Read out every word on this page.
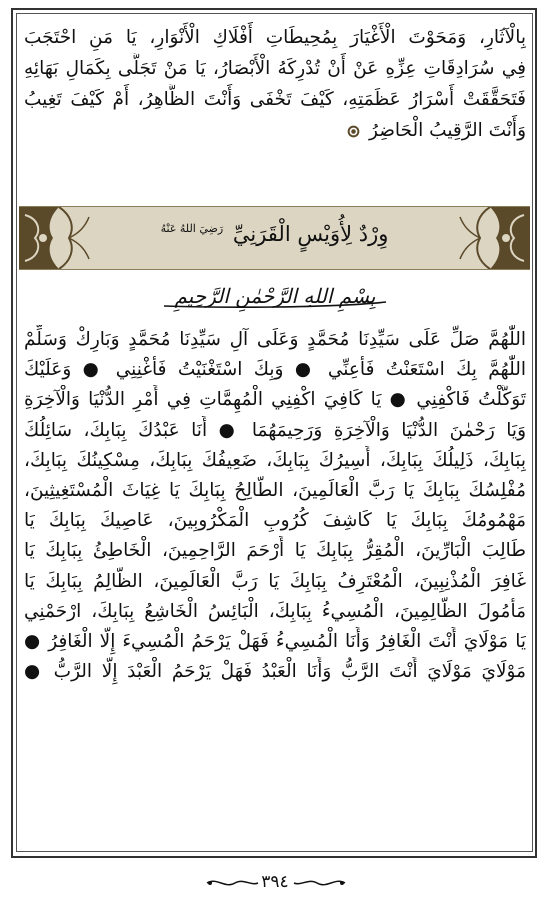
بِالْآثَارِ، وَمَحَوْتَ الْأَغْيَارَ بِمُحِيطَاتِ أَفْلَاكِ الْأَنْوَارِ، يَا مَنِ احْتَجَبَ
فِي سُرَادِقَاتِ عِزِّهِ عَنْ أَنْ تُدْرِكَهُ الْأَبْصَارُ، يَا مَنْ تَجَلَّى بِكَمَالِ بَهَائِهِ
فَتَحَقَّقَتْ أَسْرَارُ عَظَمَتِهِ، كَيْفَ تَخْفَى وَأَنْتَ الظَّاهِرُ، أَمْ كَيْفَ تَغِيبُ
وَأَنْتَ الرَّقِيبُ الْحَاضِرُ
وِرْدٌ لِأُوَيْسٍ الْقَرَنِيِّ $^{رَضِيَ اللهُ عَنْهُ}$
بِسْمِ اللهِ الرَّحْمٰنِ الرَّحِيمِ
اللّٰهُمَّ صَلِّ عَلَى سَيِّدِنَا مُحَمَّدٍ وَعَلَى آلِ سَيِّدِنَا مُحَمَّدٍ وَبَارِكْ وَسَلِّمْ
اللّٰهُمَّ بِكَ اسْتَعَنْتُ فَأَعِنِّي ● وَبِكَ اسْتَغْنَيْتُ فَأَغْنِنِي ● وَعَلَيْكَ
تَوَكَّلْتُ فَاكْفِنِي ● يَا كَافِيَ اكْفِنِي الْمُهِمَّاتِ فِي أَمْرِ الدُّنْيَا وَالْآخِرَةِ
وَيَا رَحْمٰنَ الدُّنْيَا وَالْآخِرَةِ وَرَحِيمَهُمَا ● أَنَا عَبْدُكَ بِبَابِكَ، سَائِلُكَ
بِبَابِكَ، ذَلِيلُكَ بِبَابِكَ، أَسِيرُكَ بِبَابِكَ، ضَعِيفُكَ بِبَابِكَ، مِسْكِينُكَ بِبَابِكَ،
مُفْلِسُكَ بِبَابِكَ يَا رَبَّ الْعَالَمِينَ، الطَّالِحُ بِبَابِكَ يَا غِيَاثَ الْمُسْتَغِيثِينَ،
مَهْمُومُكَ بِبَابِكَ يَا كَاشِفَ كُرُوبِ الْمَكْرُوبِينَ، عَاصِيكَ بِبَابِكَ يَا
طَالِبَ الْبَارِّينَ، الْمُقِرُّ بِبَابِكَ يَا أَرْحَمَ الرَّاحِمِينَ، الْخَاطِئُ بِبَابِكَ يَا
غَافِرَ الْمُذْنِبِينَ، الْمُعْتَرِفُ بِبَابِكَ يَا رَبَّ الْعَالَمِينَ، الظَّالِمُ بِبَابِكَ يَا
مَأْمُولَ الظَّالِمِينَ، الْمُسِيءُ بِبَابِكَ، الْبَائِسُ الْخَاشِعُ بِبَابِكَ، ارْحَمْنِي
يَا مَوْلَايَ أَنْتَ الْغَافِرُ وَأَنَا الْمُسِيءُ فَهَلْ يَرْحَمُ الْمُسِيءَ إِلَّا الْغَافِرُ ●
مَوْلَايَ مَوْلَايَ أَنْتَ الرَّبُّ وَأَنَا الْعَبْدُ فَهَلْ يَرْحَمُ الْعَبْدَ إِلَّا الرَّبُّ ●
٣٩٤
